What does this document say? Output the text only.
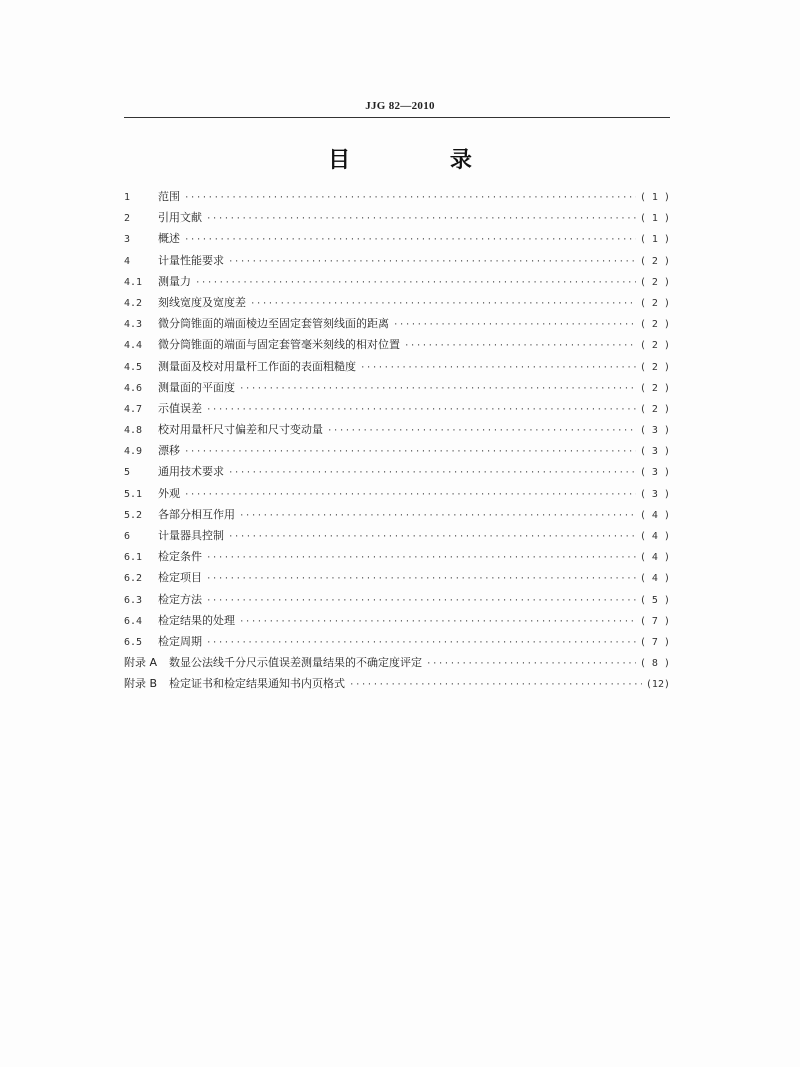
JJG 82—2010
目 录
1	范围 ·····	( 1 )
2	引用文献 ·····	( 1 )
3	概述 ·····	( 1 )
4	计量性能要求 ·····	( 2 )
4.1	测量力 ·····	( 2 )
4.2	刻线宽度及宽度差 ·····	( 2 )
4.3	微分筒锥面的端面棱边至固定套管刻线面的距离 ·····	( 2 )
4.4	微分筒锥面的端面与固定套管毫米刻线的相对位置 ·····	( 2 )
4.5	测量面及校对用量杆工作面的表面粗糙度 ·····	( 2 )
4.6	测量面的平面度 ·····	( 2 )
4.7	示值误差 ·····	( 2 )
4.8	校对用量杆尺寸偏差和尺寸变动量 ·····	( 3 )
4.9	漂移 ·····	( 3 )
5	通用技术要求 ·····	( 3 )
5.1	外观 ·····	( 3 )
5.2	各部分相互作用 ·····	( 4 )
6	计量器具控制 ·····	( 4 )
6.1	检定条件 ·····	( 4 )
6.2	检定项目 ·····	( 4 )
6.3	检定方法 ·····	( 5 )
6.4	检定结果的处理 ·····	( 7 )
6.5	检定周期 ·····	( 7 )
附录 A	数显公法线千分尺示值误差测量结果的不确定度评定 ·····	( 8 )
附录 B	检定证书和检定结果通知书内页格式 ·····	(12)
